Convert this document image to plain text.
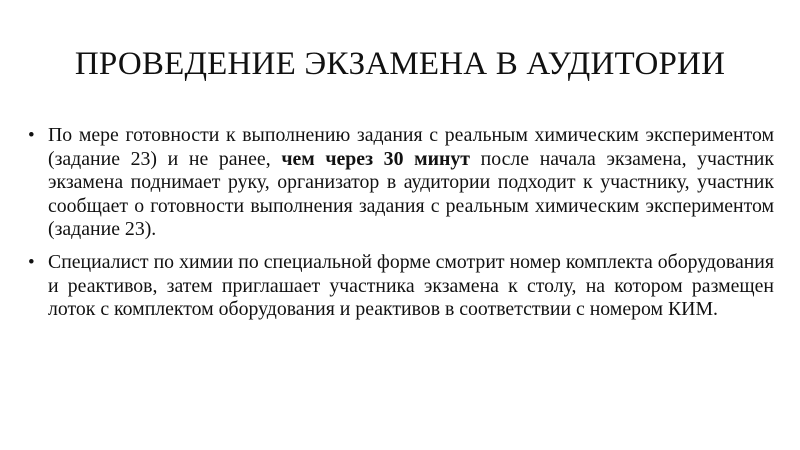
ПРОВЕДЕНИЕ ЭКЗАМЕНА В АУДИТОРИИ
• По мере готовности к выполнению задания с реальным химическим экспериментом (задание 23) и не ранее, чем через 30 минут после начала экзамена, участник экзамена поднимает руку, организатор в аудитории подходит к участнику, участник сообщает о готовности выполнения задания с реальным химическим экспериментом (задание 23).
• Специалист по химии по специальной форме смотрит номер комплекта оборудования и реактивов, затем приглашает участника экзамена к столу, на котором размещен лоток с комплектом оборудования и реактивов в соответствии с номером КИМ.
